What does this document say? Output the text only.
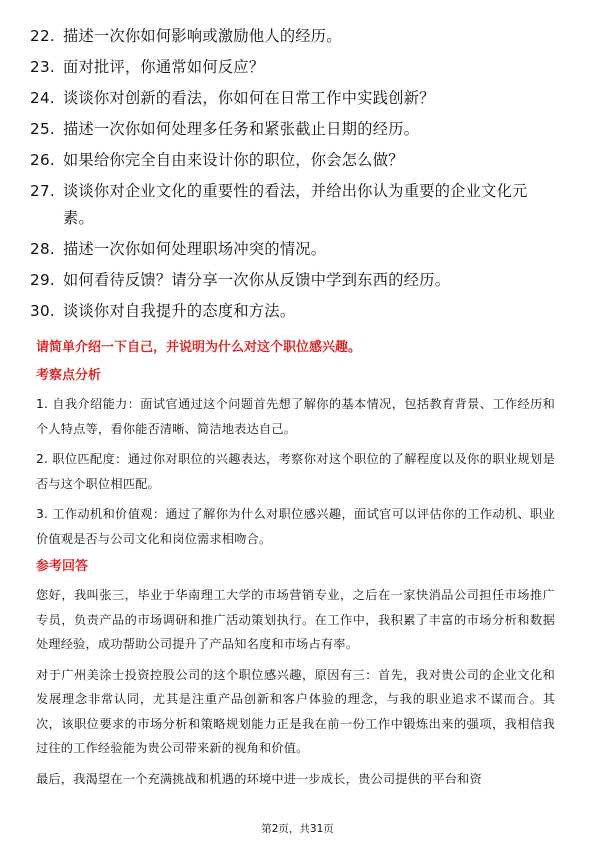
22. 描述一次你如何影响或激励他人的经历。
23. 面对批评，你通常如何反应？
24. 谈谈你对创新的看法，你如何在日常工作中实践创新？
25. 描述一次你如何处理多任务和紧张截止日期的经历。
26. 如果给你完全自由来设计你的职位，你会怎么做？
27. 谈谈你对企业文化的重要性的看法，并给出你认为重要的企业文化元素。
28. 描述一次你如何处理职场冲突的情况。
29. 如何看待反馈？请分享一次你从反馈中学到东西的经历。
30. 谈谈你对自我提升的态度和方法。
请简单介绍一下自己，并说明为什么对这个职位感兴趣。
考察点分析

1. 自我介绍能力：面试官通过这个问题首先想了解你的基本情况，包括教育背景、工作经历和个人特点等，看你能否清晰、简洁地表达自己。

2. 职位匹配度：通过你对职位的兴趣表达，考察你对这个职位的了解程度以及你的职业规划是否与这个职位相匹配。

3. 工作动机和价值观：通过了解你为什么对职位感兴趣，面试官可以评估你的工作动机、职业价值观是否与公司文化和岗位需求相吻合。

参考回答

您好，我叫张三，毕业于华南理工大学的市场营销专业，之后在一家快消品公司担任市场推广专员，负责产品的市场调研和推广活动策划执行。在工作中，我积累了丰富的市场分析和数据处理经验，成功帮助公司提升了产品知名度和市场占有率。

对于广州美涂士投资控股公司的这个职位感兴趣，原因有三：首先，我对贵公司的企业文化和发展理念非常认同，尤其是注重产品创新和客户体验的理念，与我的职业追求不谋而合。其次，该职位要求的市场分析和策略规划能力正是我在前一份工作中锻炼出来的强项，我相信我过往的工作经验能为贵公司带来新的视角和价值。

最后，我渴望在一个充满挑战和机遇的环境中进一步成长，贵公司提供的平台和资

第2页，共31页
